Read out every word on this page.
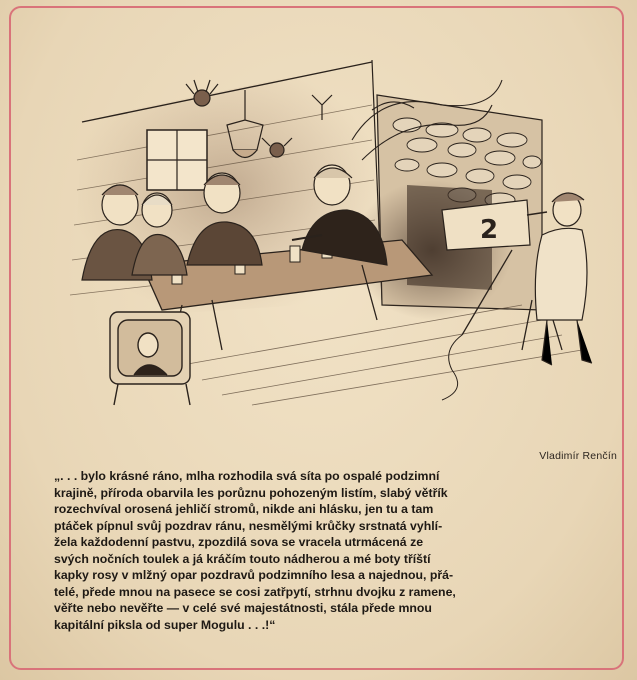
2
Vladimír Renčín
„. . . bylo krásné ráno, mlha rozhodila svá síta po ospalé podzimní
krajině, příroda obarvila les porůznu pohozeným listím, slabý větřík
rozechvíval orosená jehličí stromů, nikde ani hlásku, jen tu a tam
ptáček pípnul svůj pozdrav ránu, nesmělými krůčky srstnatá vyhlí-
žela každodenní pastvu, zpozdilá sova se vracela utrmácená ze
svých nočních toulek a já kráčím touto nádherou a mé boty tříští
kapky rosy v mlžný opar pozdravů podzimního lesa a najednou, přá-
telé, přede mnou na pasece se cosi zatřpytí, strhnu dvojku z ramene,
věřte nebo nevěřte — v celé své majestátnosti, stála přede mnou
kapitální piksla od super Mogulu . . .!“
